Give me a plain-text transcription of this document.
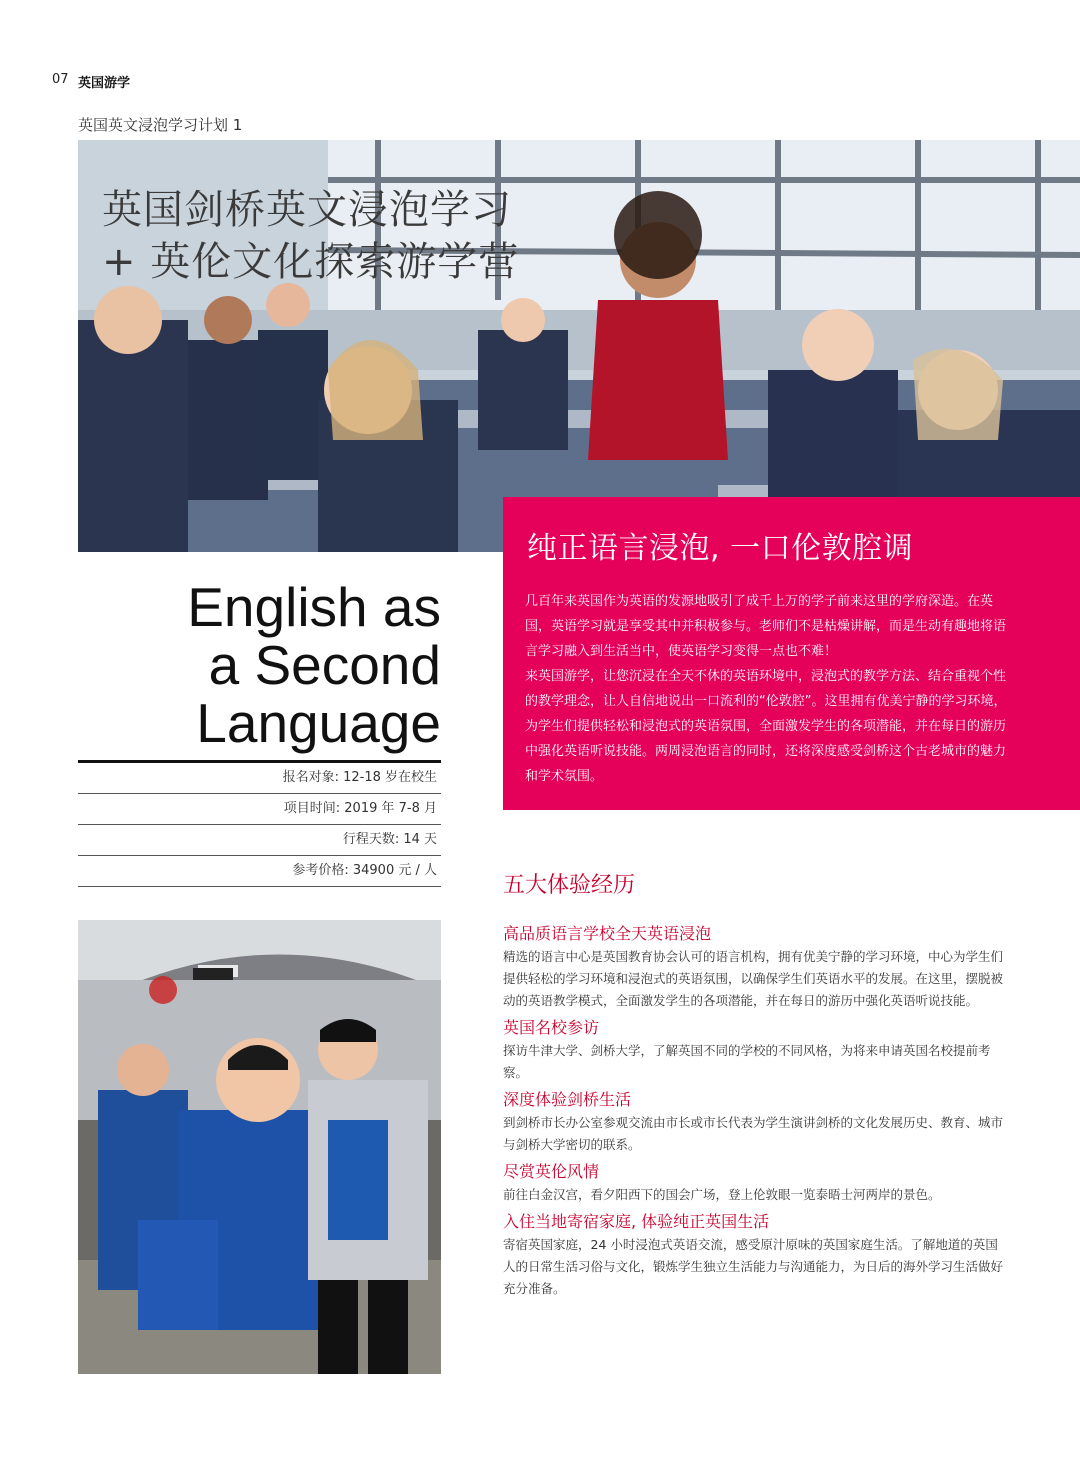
07 英国游学
英国英文浸泡学习计划 1
英国剑桥英文浸泡学习
+ 英伦文化探索游学营
English as
a Second
Language
报名对象: 12-18 岁在校生
项目时间: 2019 年 7-8 月
行程天数: 14 天
参考价格: 34900 元 / 人
纯正语言浸泡, 一口伦敦腔调

几百年来英国作为英语的发源地吸引了成千上万的学子前来这里的学府深造。在英国，英语学习就是享受其中并积极参与。老师们不是枯燥讲解，而是生动有趣地将语言学习融入到生活当中，使英语学习变得一点也不难！

来英国游学，让您沉浸在全天不休的英语环境中，浸泡式的教学方法、结合重视个性的教学理念，让人自信地说出一口流利的“伦敦腔”。这里拥有优美宁静的学习环境，为学生们提供轻松和浸泡式的英语氛围，全面激发学生的各项潜能，并在每日的游历中强化英语听说技能。两周浸泡语言的同时，还将深度感受剑桥这个古老城市的魅力和学术氛围。

五大体验经历
高品质语言学校全天英语浸泡

精选的语言中心是英国教育协会认可的语言机构，拥有优美宁静的学习环境，中心为学生们提供轻松的学习环境和浸泡式的英语氛围，以确保学生们英语水平的发展。在这里，摆脱被动的英语教学模式，全面激发学生的各项潜能，并在每日的游历中强化英语听说技能。

英国名校参访

探访牛津大学、剑桥大学，了解英国不同的学校的不同风格，为将来申请英国名校提前考察。

深度体验剑桥生活

到剑桥市长办公室参观交流由市长或市长代表为学生演讲剑桥的文化发展历史、教育、城市与剑桥大学密切的联系。

尽赏英伦风情

前往白金汉宫，看夕阳西下的国会广场，登上伦敦眼一览泰晤士河两岸的景色。

入住当地寄宿家庭, 体验纯正英国生活

寄宿英国家庭，24 小时浸泡式英语交流，感受原汁原味的英国家庭生活。了解地道的英国人的日常生活习俗与文化，锻炼学生独立生活能力与沟通能力，为日后的海外学习生活做好充分准备。
